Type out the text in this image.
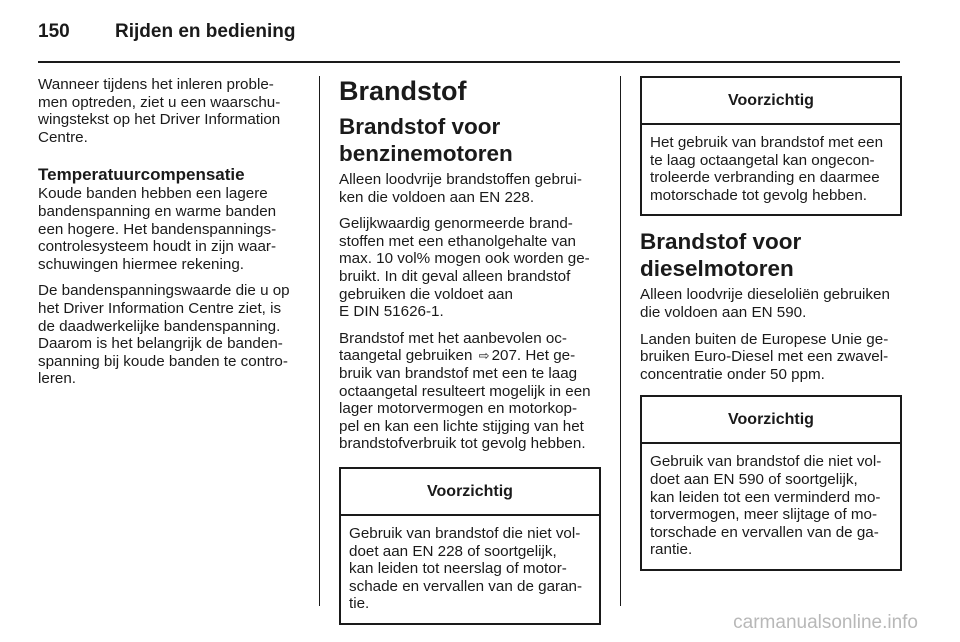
150	Rijden en bediening
Wanneer tijdens het inleren proble-
men optreden, ziet u een waarschu-
wingstekst op het Driver Information
Centre.
Temperatuurcompensatie
Koude banden hebben een lagere
bandenspanning en warme banden
een hogere. Het bandenspannings-
controlesysteem houdt in zijn waar-
schuwingen hiermee rekening.
De bandenspanningswaarde die u op
het Driver Information Centre ziet, is
de daadwerkelijke bandenspanning.
Daarom is het belangrijk de banden-
spanning bij koude banden te contro-
leren.
Brandstof
Brandstof voor
benzinemotoren
Alleen loodvrije brandstoffen gebrui-
ken die voldoen aan EN 228.
Gelijkwaardig genormeerde brand-
stoffen met een ethanolgehalte van
max. 10 vol% mogen ook worden ge-
bruikt. In dit geval alleen brandstof
gebruiken die voldoet aan
E DIN 51626-1.
Brandstof met het aanbevolen oc-
taangetal gebruiken ⇨ 207. Het ge-
bruik van brandstof met een te laag
octaangetal resulteert mogelijk in een
lager motorvermogen en motorkop-
pel en kan een lichte stijging van het
brandstofverbruik tot gevolg hebben.
Voorzichtig
Gebruik van brandstof die niet vol-
doet aan EN 228 of soortgelijk,
kan leiden tot neerslag of motor-
schade en vervallen van de garan-
tie.
Voorzichtig
Het gebruik van brandstof met een
te laag octaangetal kan ongecon-
troleerde verbranding en daarmee
motorschade tot gevolg hebben.
Brandstof voor
dieselmotoren
Alleen loodvrije dieseloliën gebruiken
die voldoen aan EN 590.
Landen buiten de Europese Unie ge-
bruiken Euro-Diesel met een zwavel-
concentratie onder 50 ppm.
Voorzichtig
Gebruik van brandstof die niet vol-
doet aan EN 590 of soortgelijk,
kan leiden tot een verminderd mo-
torvermogen, meer slijtage of mo-
torschade en vervallen van de ga-
rantie.
carmanualsonline.info
